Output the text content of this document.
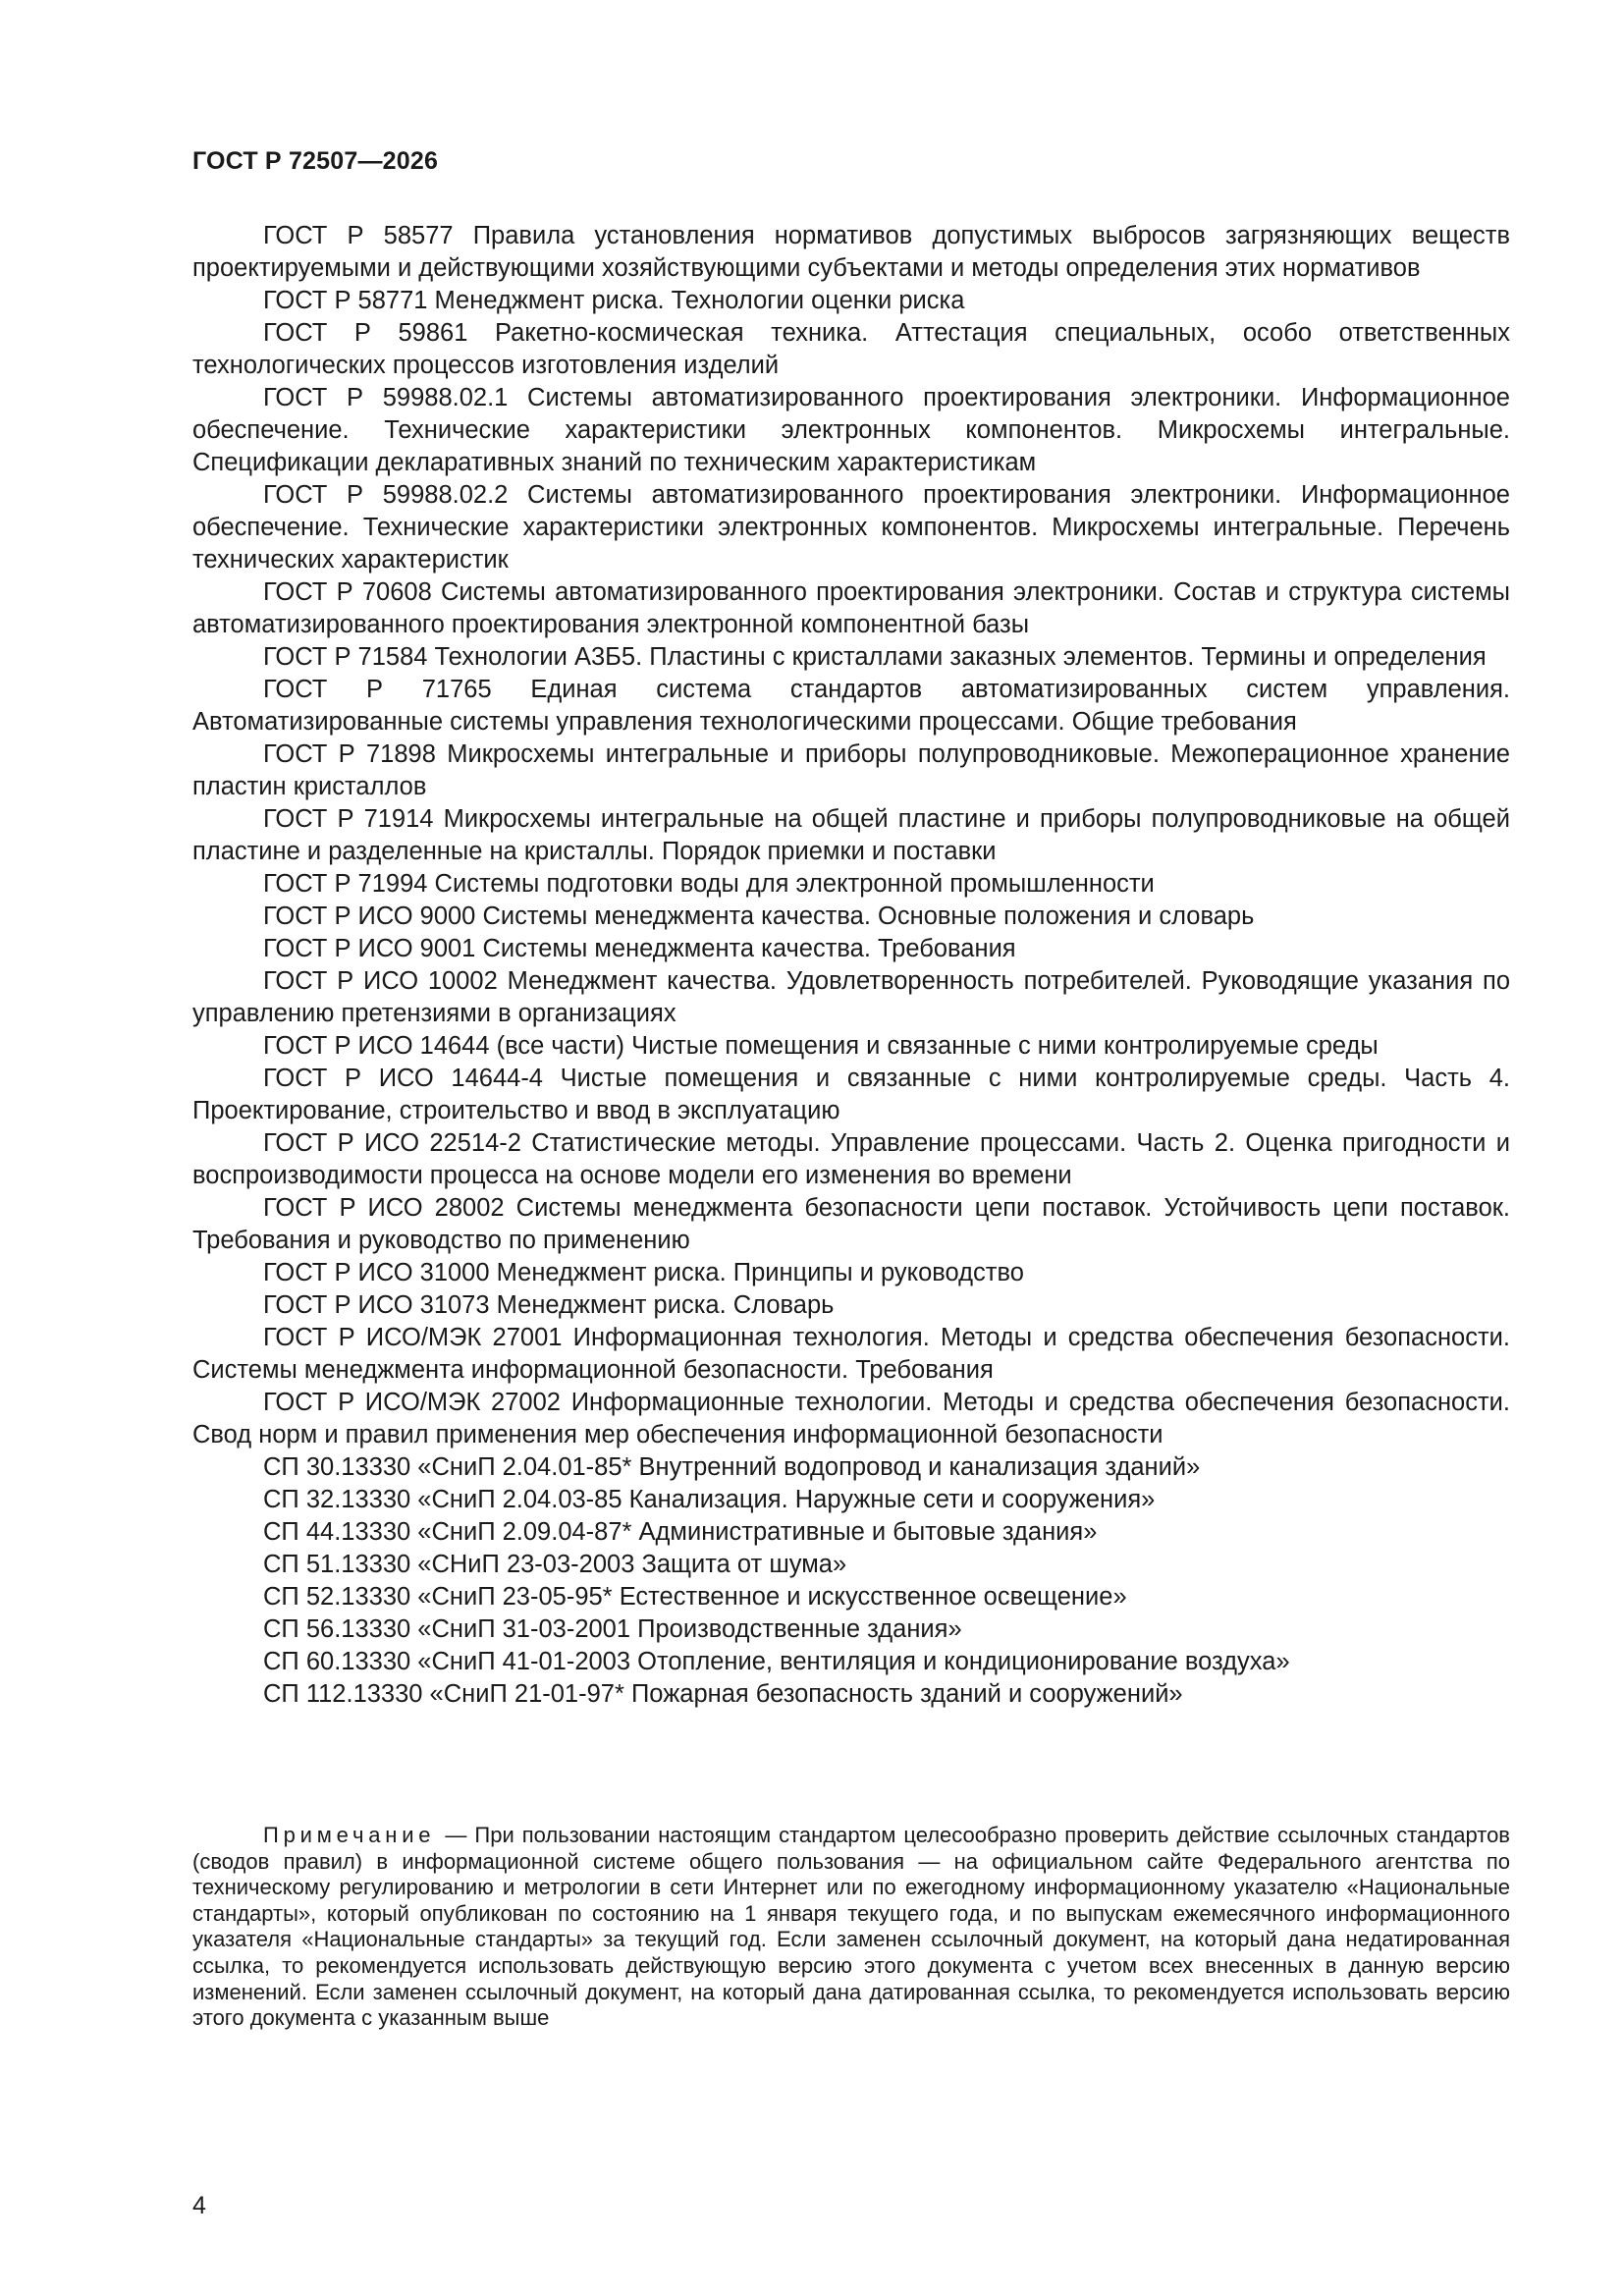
ГОСТ Р 72507—2026

ГОСТ Р 58577 Правила установления нормативов допустимых выбросов загрязняющих веществ проектируемыми и действующими хозяйствующими субъектами и методы определения этих нормативов

ГОСТ Р 58771 Менеджмент риска. Технологии оценки риска

ГОСТ Р 59861 Ракетно-космическая техника. Аттестация специальных, особо ответственных технологических процессов изготовления изделий

ГОСТ Р 59988.02.1 Системы автоматизированного проектирования электроники. Информационное обеспечение. Технические характеристики электронных компонентов. Микросхемы интегральные. Спецификации декларативных знаний по техническим характеристикам

ГОСТ Р 59988.02.2 Системы автоматизированного проектирования электроники. Информационное обеспечение. Технические характеристики электронных компонентов. Микросхемы интегральные. Перечень технических характеристик

ГОСТ Р 70608 Системы автоматизированного проектирования электроники. Состав и структура системы автоматизированного проектирования электронной компонентной базы

ГОСТ Р 71584 Технологии А3Б5. Пластины с кристаллами заказных элементов. Термины и определения

ГОСТ Р 71765 Единая система стандартов автоматизированных систем управления. Автоматизированные системы управления технологическими процессами. Общие требования

ГОСТ Р 71898 Микросхемы интегральные и приборы полупроводниковые. Межоперационное хранение пластин кристаллов

ГОСТ Р 71914 Микросхемы интегральные на общей пластине и приборы полупроводниковые на общей пластине и разделенные на кристаллы. Порядок приемки и поставки

ГОСТ Р 71994 Системы подготовки воды для электронной промышленности

ГОСТ Р ИСО 9000 Системы менеджмента качества. Основные положения и словарь

ГОСТ Р ИСО 9001 Системы менеджмента качества. Требования

ГОСТ Р ИСО 10002 Менеджмент качества. Удовлетворенность потребителей. Руководящие указания по управлению претензиями в организациях

ГОСТ Р ИСО 14644 (все части) Чистые помещения и связанные с ними контролируемые среды

ГОСТ Р ИСО 14644-4 Чистые помещения и связанные с ними контролируемые среды. Часть 4. Проектирование, строительство и ввод в эксплуатацию

ГОСТ Р ИСО 22514-2 Статистические методы. Управление процессами. Часть 2. Оценка пригодности и воспроизводимости процесса на основе модели его изменения во времени

ГОСТ Р ИСО 28002 Системы менеджмента безопасности цепи поставок. Устойчивость цепи поставок. Требования и руководство по применению

ГОСТ Р ИСО 31000 Менеджмент риска. Принципы и руководство

ГОСТ Р ИСО 31073 Менеджмент риска. Словарь

ГОСТ Р ИСО/МЭК 27001 Информационная технология. Методы и средства обеспечения безопасности. Системы менеджмента информационной безопасности. Требования

ГОСТ Р ИСО/МЭК 27002 Информационные технологии. Методы и средства обеспечения безопасности. Свод норм и правил применения мер обеспечения информационной безопасности

СП 30.13330 «СниП 2.04.01-85* Внутренний водопровод и канализация зданий»

СП 32.13330 «СниП 2.04.03-85 Канализация. Наружные сети и сооружения»

СП 44.13330 «СниП 2.09.04-87* Административные и бытовые здания»

СП 51.13330 «СНиП 23-03-2003 Защита от шума»

СП 52.13330 «СниП 23-05-95* Естественное и искусственное освещение»

СП 56.13330 «СниП 31-03-2001 Производственные здания»

СП 60.13330 «СниП 41-01-2003 Отопление, вентиляция и кондиционирование воздуха»

СП 112.13330 «СниП 21-01-97* Пожарная безопасность зданий и сооружений»

Примечание — При пользовании настоящим стандартом целесообразно проверить действие ссылочных стандартов (сводов правил) в информационной системе общего пользования — на официальном сайте Федерального агентства по техническому регулированию и метрологии в сети Интернет или по ежегодному информационному указателю «Национальные стандарты», который опубликован по состоянию на 1 января текущего года, и по выпускам ежемесячного информационного указателя «Национальные стандарты» за текущий год. Если заменен ссылочный документ, на который дана недатированная ссылка, то рекомендуется использовать действующую версию этого документа с учетом всех внесенных в данную версию изменений. Если заменен ссылочный документ, на который дана датированная ссылка, то рекомендуется использовать версию этого документа с указанным выше

4
